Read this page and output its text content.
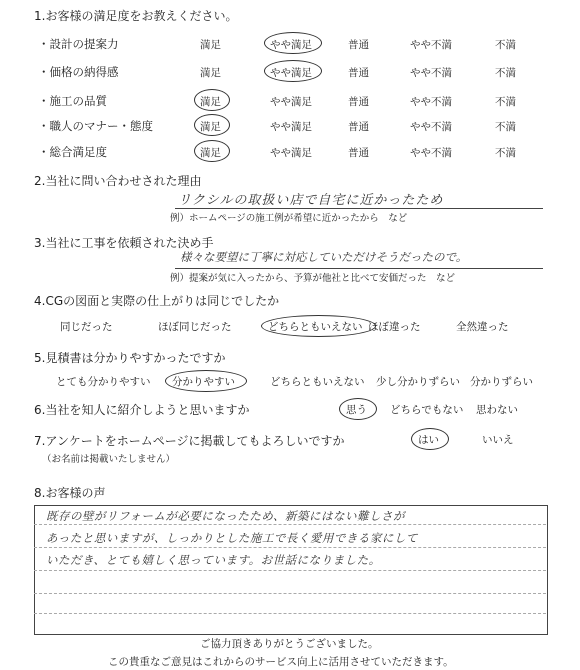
1.お客様の満足度をお教えください。
・設計の提案力	満足	やや満足	普通	やや不満	不満
・価格の納得感	満足	やや満足	普通	やや不満	不満
・施工の品質	満足	やや満足	普通	やや不満	不満
・職人のマナー・態度	満足	やや満足	普通	やや不満	不満
・総合満足度	満足	やや満足	普通	やや不満	不満
2.当社に問い合わせされた理由
リクシルの取扱い店で自宅に近かったため
例）ホームページの施工例が希望に近かったから　など
3.当社に工事を依頼された決め手
様々な要望に丁寧に対応していただけそうだったので。
例）提案が気に入ったから、予算が他社と比べて安価だった　など
4.CGの図面と実際の仕上がりは同じでしたか
同じだった	ほぼ同じだった	どちらともいえない ほぼ違った	全然違った
5.見積書は分かりやすかったですか
とても分かりやすい 分かりやすい	どちらともいえない 少し分かりずらい 分かりずらい
6.当社を知人に紹介しようと思いますか	思う どちらでもない 思わない
7.アンケートをホームページに掲載してもよろしいですか
（お名前は掲載いたしません）
はい	いいえ
8.お客様の声
既存の壁がリフォームが必要になったため、新築にはない難しさが
あったと思いますが、しっかりとした施工で長く愛用できる家にして
いただき、とても嬉しく思っています。お世話になりました。
ご協力頂きありがとうございました。
この貴重なご意見はこれからのサービス向上に活用させていただきます。
